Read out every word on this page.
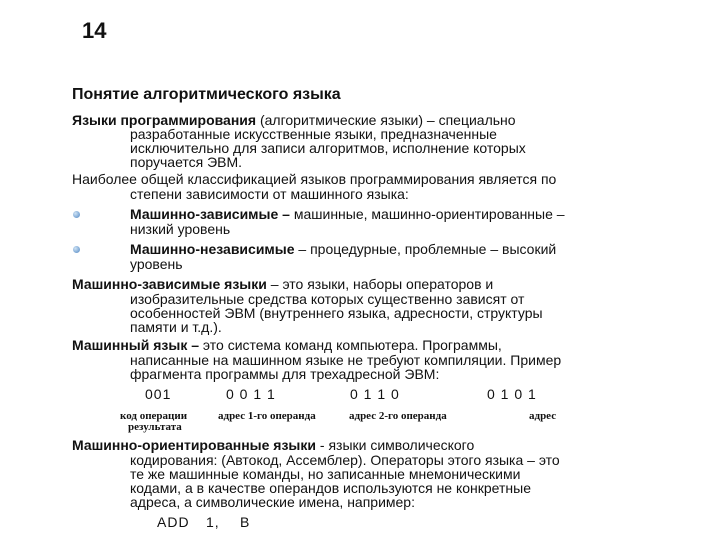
14
Понятие алгоритмического языка
Языки программирования (алгоритмические языки) – специально
разработанные искусственные языки, предназначенные
исключительно для записи алгоритмов, исполнение которых
поручается ЭВМ.
Наиболее общей классификацией языков программирования является по
степени зависимости от машинного языка:
Машинно-зависимые – машинные, машинно-ориентированные –
низкий уровень
Машинно-независимые – процедурные, проблемные – высокий
уровень
Машинно-зависимые языки – это языки, наборы операторов и
изобразительные средства которых существенно зависят от
особенностей ЭВМ (внутреннего языка, адресности, структуры
памяти и т.д.).
Машинный язык – это система команд компьютера. Программы,
написанные на машинном языке не требуют компиляции. Пример
фрагмента программы для трехадресной ЭВМ:
001	0 0 1 1	0 1 1 0	0 1 0 1
код операции	адрес 1-го операнда	адрес 2-го операнда	адрес
результата
Машинно-ориентированные языки - языки символического
кодирования: (Автокод, Ассемблер). Операторы этого языка – это
те же машинные команды, но записанные мнемоническими
кодами, а в качестве операндов используются не конкретные
адреса, а символические имена, например:
ADD 1, B
